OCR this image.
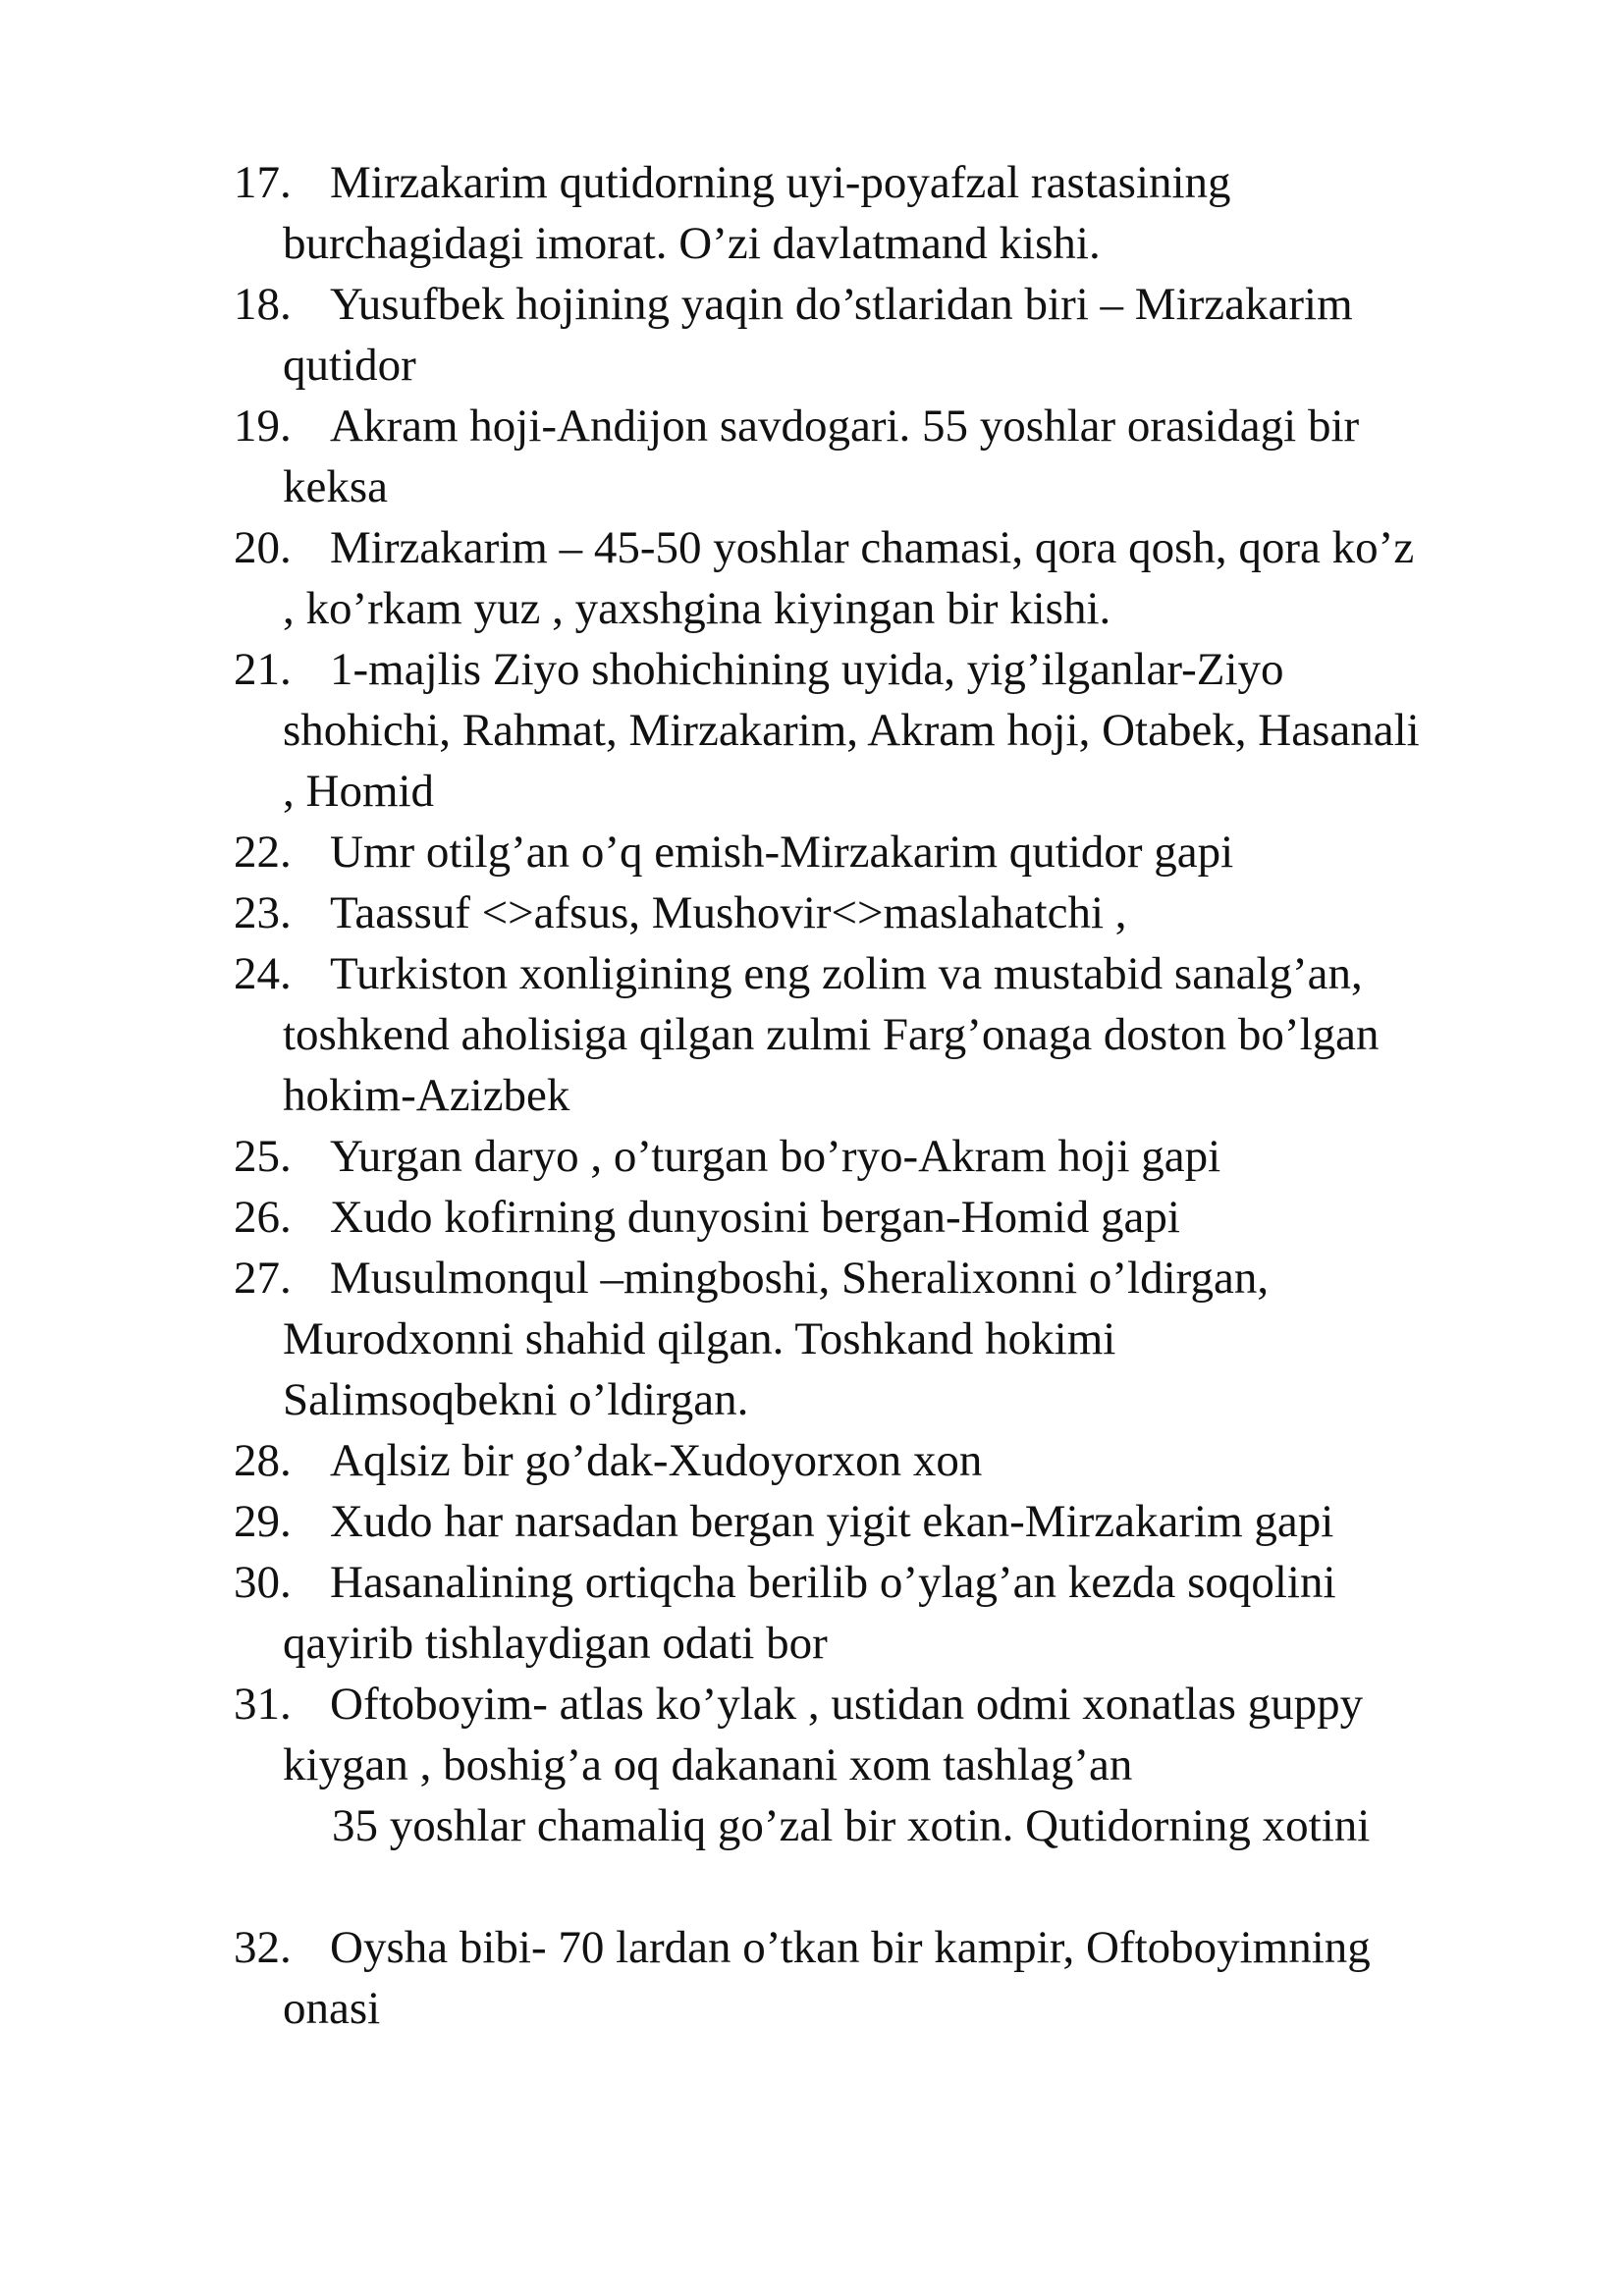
17. Mirzakarim qutidorning uyi-poyafzal rastasining
burchagidagi imorat. O’zi davlatmand kishi.
18. Yusufbek hojining yaqin do’stlaridan biri – Mirzakarim
qutidor
19. Akram hoji-Andijon savdogari. 55 yoshlar orasidagi bir
keksa
20. Mirzakarim – 45-50 yoshlar chamasi, qora qosh, qora ko’z
, ko’rkam yuz , yaxshgina kiyingan bir kishi.
21. 1-majlis Ziyo shohichining uyida, yig’ilganlar-Ziyo
shohichi, Rahmat, Mirzakarim, Akram hoji, Otabek, Hasanali
, Homid
22. Umr otilg’an o’q emish-Mirzakarim qutidor gapi
23. Taassuf <>afsus, Mushovir<>maslahatchi ,
24. Turkiston xonligining eng zolim va mustabid sanalg’an,
toshkend aholisiga qilgan zulmi Farg’onaga doston bo’lgan
hokim-Azizbek
25. Yurgan daryo , o’turgan bo’ryo-Akram hoji gapi
26. Xudo kofirning dunyosini bergan-Homid gapi
27. Musulmonqul –mingboshi, Sheralixonni o’ldirgan,
Murodxonni shahid qilgan. Toshkand hokimi
Salimsoqbekni o’ldirgan.
28. Aqlsiz bir go’dak-Xudoyorxon xon
29. Xudo har narsadan bergan yigit ekan-Mirzakarim gapi
30. Hasanalining ortiqcha berilib o’ylag’an kezda soqolini
qayirib tishlaydigan odati bor
31. Oftoboyim- atlas ko’ylak , ustidan odmi xonatlas guppy
kiygan , boshig’a oq dakanani xom tashlag’an
35 yoshlar chamaliq go’zal bir xotin. Qutidorning xotini
32. Oysha bibi- 70 lardan o’tkan bir kampir, Oftoboyimning
onasi
